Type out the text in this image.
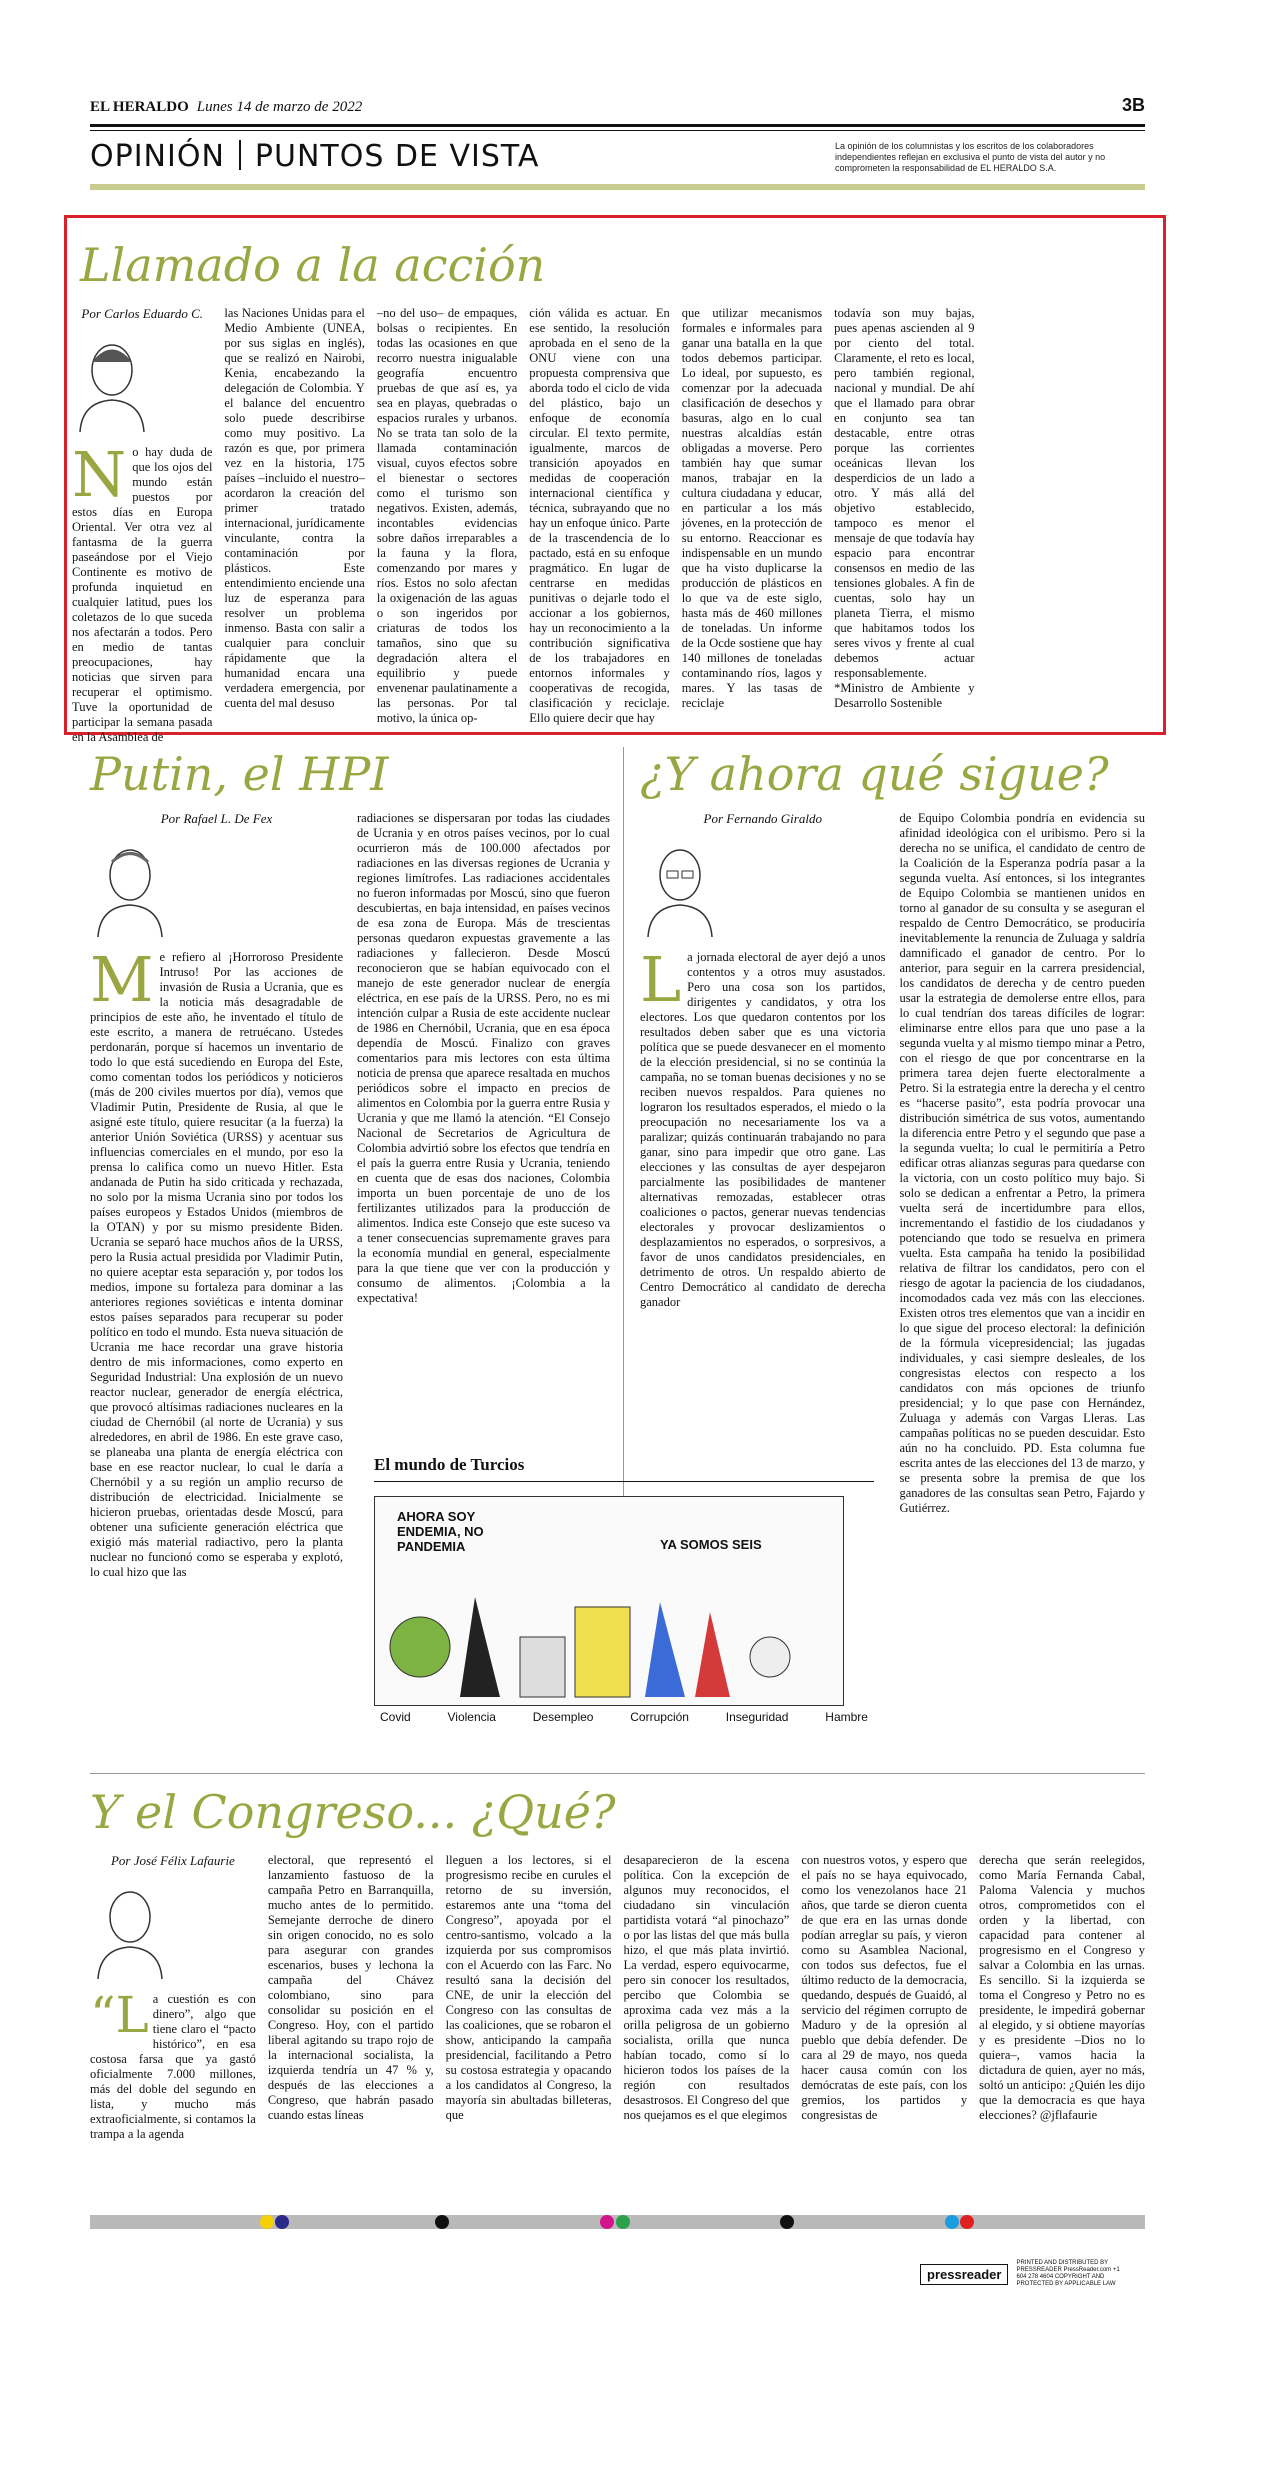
EL HERALDO Lunes 14 de marzo de 2022	3B
OPINIÓN PUNTOS DE VISTA	La opinión de los columnistas y los escritos de los colaboradores independientes reflejan en exclusiva el punto de vista del autor y no comprometen la responsabilidad de EL HERALDO S.A.
Llamado a la acción
Por Carlos Eduardo C.
No hay duda de que los ojos del mundo están puestos por estos días en Europa Oriental. Ver otra vez al fantasma de la guerra paseándose por el Viejo Continente es motivo de profunda inquietud en cualquier latitud, pues los coletazos de lo que suceda nos afectarán a todos. Pero en medio de tantas preocupaciones, hay noticias que sirven para recuperar el optimismo. Tuve la oportunidad de participar la semana pasada en la Asamblea de
las Naciones Unidas para el Medio Ambiente (UNEA, por sus siglas en inglés), que se realizó en Nairobi, Kenia, encabezando la delegación de Colombia. Y el balance del encuentro solo puede describirse como muy positivo. La razón es que, por primera vez en la historia, 175 países –incluido el nuestro– acordaron la creación del primer tratado internacional, jurídicamente vinculante, contra la contaminación por plásticos. Este entendimiento enciende una luz de esperanza para resolver un problema inmenso. Basta con salir a cualquier para concluir rápidamente que la humanidad encara una verdadera emergencia, por cuenta del mal desuso
–no del uso– de empaques, bolsas o recipientes. En todas las ocasiones en que recorro nuestra inigualable geografía encuentro pruebas de que así es, ya sea en playas, quebradas o espacios rurales y urbanos. No se trata tan solo de la llamada contaminación visual, cuyos efectos sobre el bienestar o sectores como el turismo son negativos. Existen, además, incontables evidencias sobre daños irreparables a la fauna y la flora, comenzando por mares y ríos. Estos no solo afectan la oxigenación de las aguas o son ingeridos por criaturas de todos los tamaños, sino que su degradación altera el equilibrio y puede envenenar paulatinamente a las personas. Por tal motivo, la única op-
ción válida es actuar. En ese sentido, la resolución aprobada en el seno de la ONU viene con una propuesta comprensiva que aborda todo el ciclo de vida del plástico, bajo un enfoque de economía circular. El texto permite, igualmente, marcos de transición apoyados en medidas de cooperación internacional científica y técnica, subrayando que no hay un enfoque único. Parte de la trascendencia de lo pactado, está en su enfoque pragmático. En lugar de centrarse en medidas punitivas o dejarle todo el accionar a los gobiernos, hay un reconocimiento a la contribución significativa de los trabajadores en entornos informales y cooperativas de recogida, clasificación y reciclaje. Ello quiere decir que hay
que utilizar mecanismos formales e informales para ganar una batalla en la que todos debemos participar. Lo ideal, por supuesto, es comenzar por la adecuada clasificación de desechos y basuras, algo en lo cual nuestras alcaldías están obligadas a moverse. Pero también hay que sumar manos, trabajar en la cultura ciudadana y educar, en particular a los más jóvenes, en la protección de su entorno. Reaccionar es indispensable en un mundo que ha visto duplicarse la producción de plásticos en lo que va de este siglo, hasta más de 460 millones de toneladas. Un informe de la Ocde sostiene que hay 140 millones de toneladas contaminando ríos, lagos y mares. Y las tasas de reciclaje
todavía son muy bajas, pues apenas ascienden al 9 por ciento del total. Claramente, el reto es local, pero también regional, nacional y mundial. De ahí que el llamado para obrar en conjunto sea tan destacable, entre otras porque las corrientes oceánicas llevan los desperdicios de un lado a otro. Y más allá del objetivo establecido, tampoco es menor el mensaje de que todavía hay espacio para encontrar consensos en medio de las tensiones globales. A fin de cuentas, solo hay un planeta Tierra, el mismo que habitamos todos los seres vivos y frente al cual debemos actuar responsablemente. *Ministro de Ambiente y Desarrollo Sostenible
Putin, el HPI
Por Rafael L. De Fex
Me refiero al ¡Horroroso Presidente Intruso! Por las acciones de invasión de Rusia a Ucrania, que es la noticia más desagradable de principios de este año, he inventado el título de este escrito, a manera de retruécano. Ustedes perdonarán, porque sí hacemos un inventario de todo lo que está sucediendo en Europa del Este, como comentan todos los periódicos y noticieros (más de 200 civiles muertos por día), vemos que Vladimir Putin, Presidente de Rusia, al que le asigné este título, quiere resucitar (a la fuerza) la anterior Unión Soviética (URSS) y acentuar sus influencias comerciales en el mundo, por eso la prensa lo califica como un nuevo Hitler. Esta andanada de Putin ha sido criticada y rechazada, no solo por la misma Ucrania sino por todos los países europeos y Estados Unidos (miembros de la OTAN) y por su mismo presidente Biden. Ucrania se separó hace muchos años de la URSS, pero la Rusia actual presidida por Vladimir Putin, no quiere aceptar esta separación y, por todos los medios, impone su fortaleza para dominar a las anteriores regiones soviéticas e intenta dominar estos países separados para recuperar su poder político en todo el mundo. Esta nueva situación de Ucrania me hace recordar una grave historia dentro de mis informaciones, como experto en Seguridad Industrial: Una explosión de un nuevo reactor nuclear, generador de energía eléctrica, que provocó altísimas radiaciones nucleares en la ciudad de Chernóbil (al norte de Ucrania) y sus alrededores, en abril de 1986. En este grave caso, se planeaba una planta de energía eléctrica con base en ese reactor nuclear, lo cual le daría a Chernóbil y a su región un amplio recurso de distribución de electricidad. Inicialmente se hicieron pruebas, orientadas desde Moscú, para obtener una suficiente generación eléctrica que exigió más material radiactivo, pero la planta nuclear no funcionó como se esperaba y explotó, lo cual hizo que las
radiaciones se dispersaran por todas las ciudades de Ucrania y en otros países vecinos, por lo cual ocurrieron más de 100.000 afectados por radiaciones en las diversas regiones de Ucrania y regiones limítrofes. Las radiaciones accidentales no fueron informadas por Moscú, sino que fueron descubiertas, en baja intensidad, en países vecinos de esa zona de Europa. Más de trescientas personas quedaron expuestas gravemente a las radiaciones y fallecieron. Desde Moscú reconocieron que se habían equivocado con el manejo de este generador nuclear de energía eléctrica, en ese país de la URSS. Pero, no es mi intención culpar a Rusia de este accidente nuclear de 1986 en Chernóbil, Ucrania, que en esa época dependía de Moscú. Finalizo con graves comentarios para mis lectores con esta última noticia de prensa que aparece resaltada en muchos periódicos sobre el impacto en precios de alimentos en Colombia por la guerra entre Rusia y Ucrania y que me llamó la atención. “El Consejo Nacional de Secretarios de Agricultura de Colombia advirtió sobre los efectos que tendría en el país la guerra entre Rusia y Ucrania, teniendo en cuenta que de esas dos naciones, Colombia importa un buen porcentaje de uno de los fertilizantes utilizados para la producción de alimentos. Indica este Consejo que este suceso va a tener consecuencias supremamente graves para la economía mundial en general, especialmente para la que tiene que ver con la producción y consumo de alimentos. ¡Colombia a la expectativa!
¿Y ahora qué sigue?
Por Fernando Giraldo
La jornada electoral de ayer dejó a unos contentos y a otros muy asustados. Pero una cosa son los partidos, dirigentes y candidatos, y otra los electores. Los que quedaron contentos por los resultados deben saber que es una victoria política que se puede desvanecer en el momento de la elección presidencial, si no se continúa la campaña, no se toman buenas decisiones y no se reciben nuevos respaldos. Para quienes no lograron los resultados esperados, el miedo o la preocupación no necesariamente los va a paralizar; quizás continuarán trabajando no para ganar, sino para impedir que otro gane. Las elecciones y las consultas de ayer despejaron parcialmente las posibilidades de mantener alternativas remozadas, establecer otras coaliciones o pactos, generar nuevas tendencias electorales y provocar deslizamientos o desplazamientos no esperados, o sorpresivos, a favor de unos candidatos presidenciales, en detrimento de otros. Un respaldo abierto de Centro Democrático al candidato de derecha ganador
de Equipo Colombia pondría en evidencia su afinidad ideológica con el uribismo. Pero si la derecha no se unifica, el candidato de centro de la Coalición de la Esperanza podría pasar a la segunda vuelta. Así entonces, si los integrantes de Equipo Colombia se mantienen unidos en torno al ganador de su consulta y se aseguran el respaldo de Centro Democrático, se produciría inevitablemente la renuncia de Zuluaga y saldría damnificado el ganador de centro. Por lo anterior, para seguir en la carrera presidencial, los candidatos de derecha y de centro pueden usar la estrategia de demolerse entre ellos, para lo cual tendrían dos tareas difíciles de lograr: eliminarse entre ellos para que uno pase a la segunda vuelta y al mismo tiempo minar a Petro, con el riesgo de que por concentrarse en la primera tarea dejen fuerte electoralmente a Petro. Si la estrategia entre la derecha y el centro es “hacerse pasito”, esta podría provocar una distribución simétrica de sus votos, aumentando la diferencia entre Petro y el segundo que pase a la segunda vuelta; lo cual le permitiría a Petro edificar otras alianzas seguras para quedarse con la victoria, con un costo político muy bajo. Si solo se dedican a enfrentar a Petro, la primera vuelta será de incertidumbre para ellos, incrementando el fastidio de los ciudadanos y potenciando que todo se resuelva en primera vuelta. Esta campaña ha tenido la posibilidad relativa de filtrar los candidatos, pero con el riesgo de agotar la paciencia de los ciudadanos, incomodados cada vez más con las elecciones. Existen otros tres elementos que van a incidir en lo que sigue del proceso electoral: la definición de la fórmula vicepresidencial; las jugadas individuales, y casi siempre desleales, de los congresistas electos con respecto a los candidatos con más opciones de triunfo presidencial; y lo que pase con Hernández, Zuluaga y además con Vargas Lleras. Las campañas políticas no se pueden descuidar. Esto aún no ha concluido. PD. Esta columna fue escrita antes de las elecciones del 13 de marzo, y se presenta sobre la premisa de que los ganadores de las consultas sean Petro, Fajardo y Gutiérrez.
El mundo de Turcios
AHORA SOY ENDEMIA, NO PANDEMIA	YA SOMOS SEIS
Covid	Violencia	Desempleo	Corrupción	Inseguridad	Hambre
Y el Congreso... ¿Qué?
Por José Félix Lafaurie
“La cuestión es con dinero”, algo que tiene claro el “pacto histórico”, en esa costosa farsa que ya gastó oficialmente 7.000 millones, más del doble del segundo en lista, y mucho más extraoficialmente, si contamos la trampa a la agenda
electoral, que representó el lanzamiento fastuoso de la campaña Petro en Barranquilla, mucho antes de lo permitido. Semejante derroche de dinero sin origen conocido, no es solo para asegurar con grandes escenarios, buses y lechona la campaña del Chávez colombiano, sino para consolidar su posición en el Congreso. Hoy, con el partido liberal agitando su trapo rojo de la internacional socialista, la izquierda tendría un 47 % y, después de las elecciones a Congreso, que habrán pasado cuando estas líneas
lleguen a los lectores, si el progresismo recibe en curules el retorno de su inversión, estaremos ante una “toma del Congreso”, apoyada por el centro-santismo, volcado a la izquierda por sus compromisos con el Acuerdo con las Farc. No resultó sana la decisión del CNE, de unir la elección del Congreso con las consultas de las coaliciones, que se robaron el show, anticipando la campaña presidencial, facilitando a Petro su costosa estrategia y opacando a los candidatos al Congreso, la mayoría sin abultadas billeteras, que
desaparecieron de la escena política. Con la excepción de algunos muy reconocidos, el ciudadano sin vinculación partidista votará “al pinochazo” o por las listas del que más bulla hizo, el que más plata invirtió. La verdad, espero equivocarme, pero sin conocer los resultados, percibo que Colombia se aproxima cada vez más a la orilla peligrosa de un gobierno socialista, orilla que nunca habían tocado, como sí lo hicieron todos los países de la región con resultados desastrosos. El Congreso del que nos quejamos es el que elegimos
con nuestros votos, y espero que el país no se haya equivocado, como los venezolanos hace 21 años, que tarde se dieron cuenta de que era en las urnas donde podían arreglar su país, y vieron como su Asamblea Nacional, con todos sus defectos, fue el último reducto de la democracia, quedando, después de Guaidó, al servicio del régimen corrupto de Maduro y de la opresión al pueblo que debía defender. De cara al 29 de mayo, nos queda hacer causa común con los demócratas de este país, con los gremios, los partidos y congresistas de
derecha que serán reelegidos, como María Fernanda Cabal, Paloma Valencia y muchos otros, comprometidos con el orden y la libertad, con capacidad para contener al progresismo en el Congreso y salvar a Colombia en las urnas. Es sencillo. Si la izquierda se toma el Congreso y Petro no es presidente, le impedirá gobernar al elegido, y si obtiene mayorías y es presidente –Dios no lo quiera–, vamos hacia la dictadura de quien, ayer no más, soltó un anticipo: ¿Quién les dijo que la democracia es que haya elecciones? @jflafaurie
pressreader
PRINTED AND DISTRIBUTED BY PRESSREADER PressReader.com +1 604 278 4604 COPYRIGHT AND PROTECTED BY APPLICABLE LAW
